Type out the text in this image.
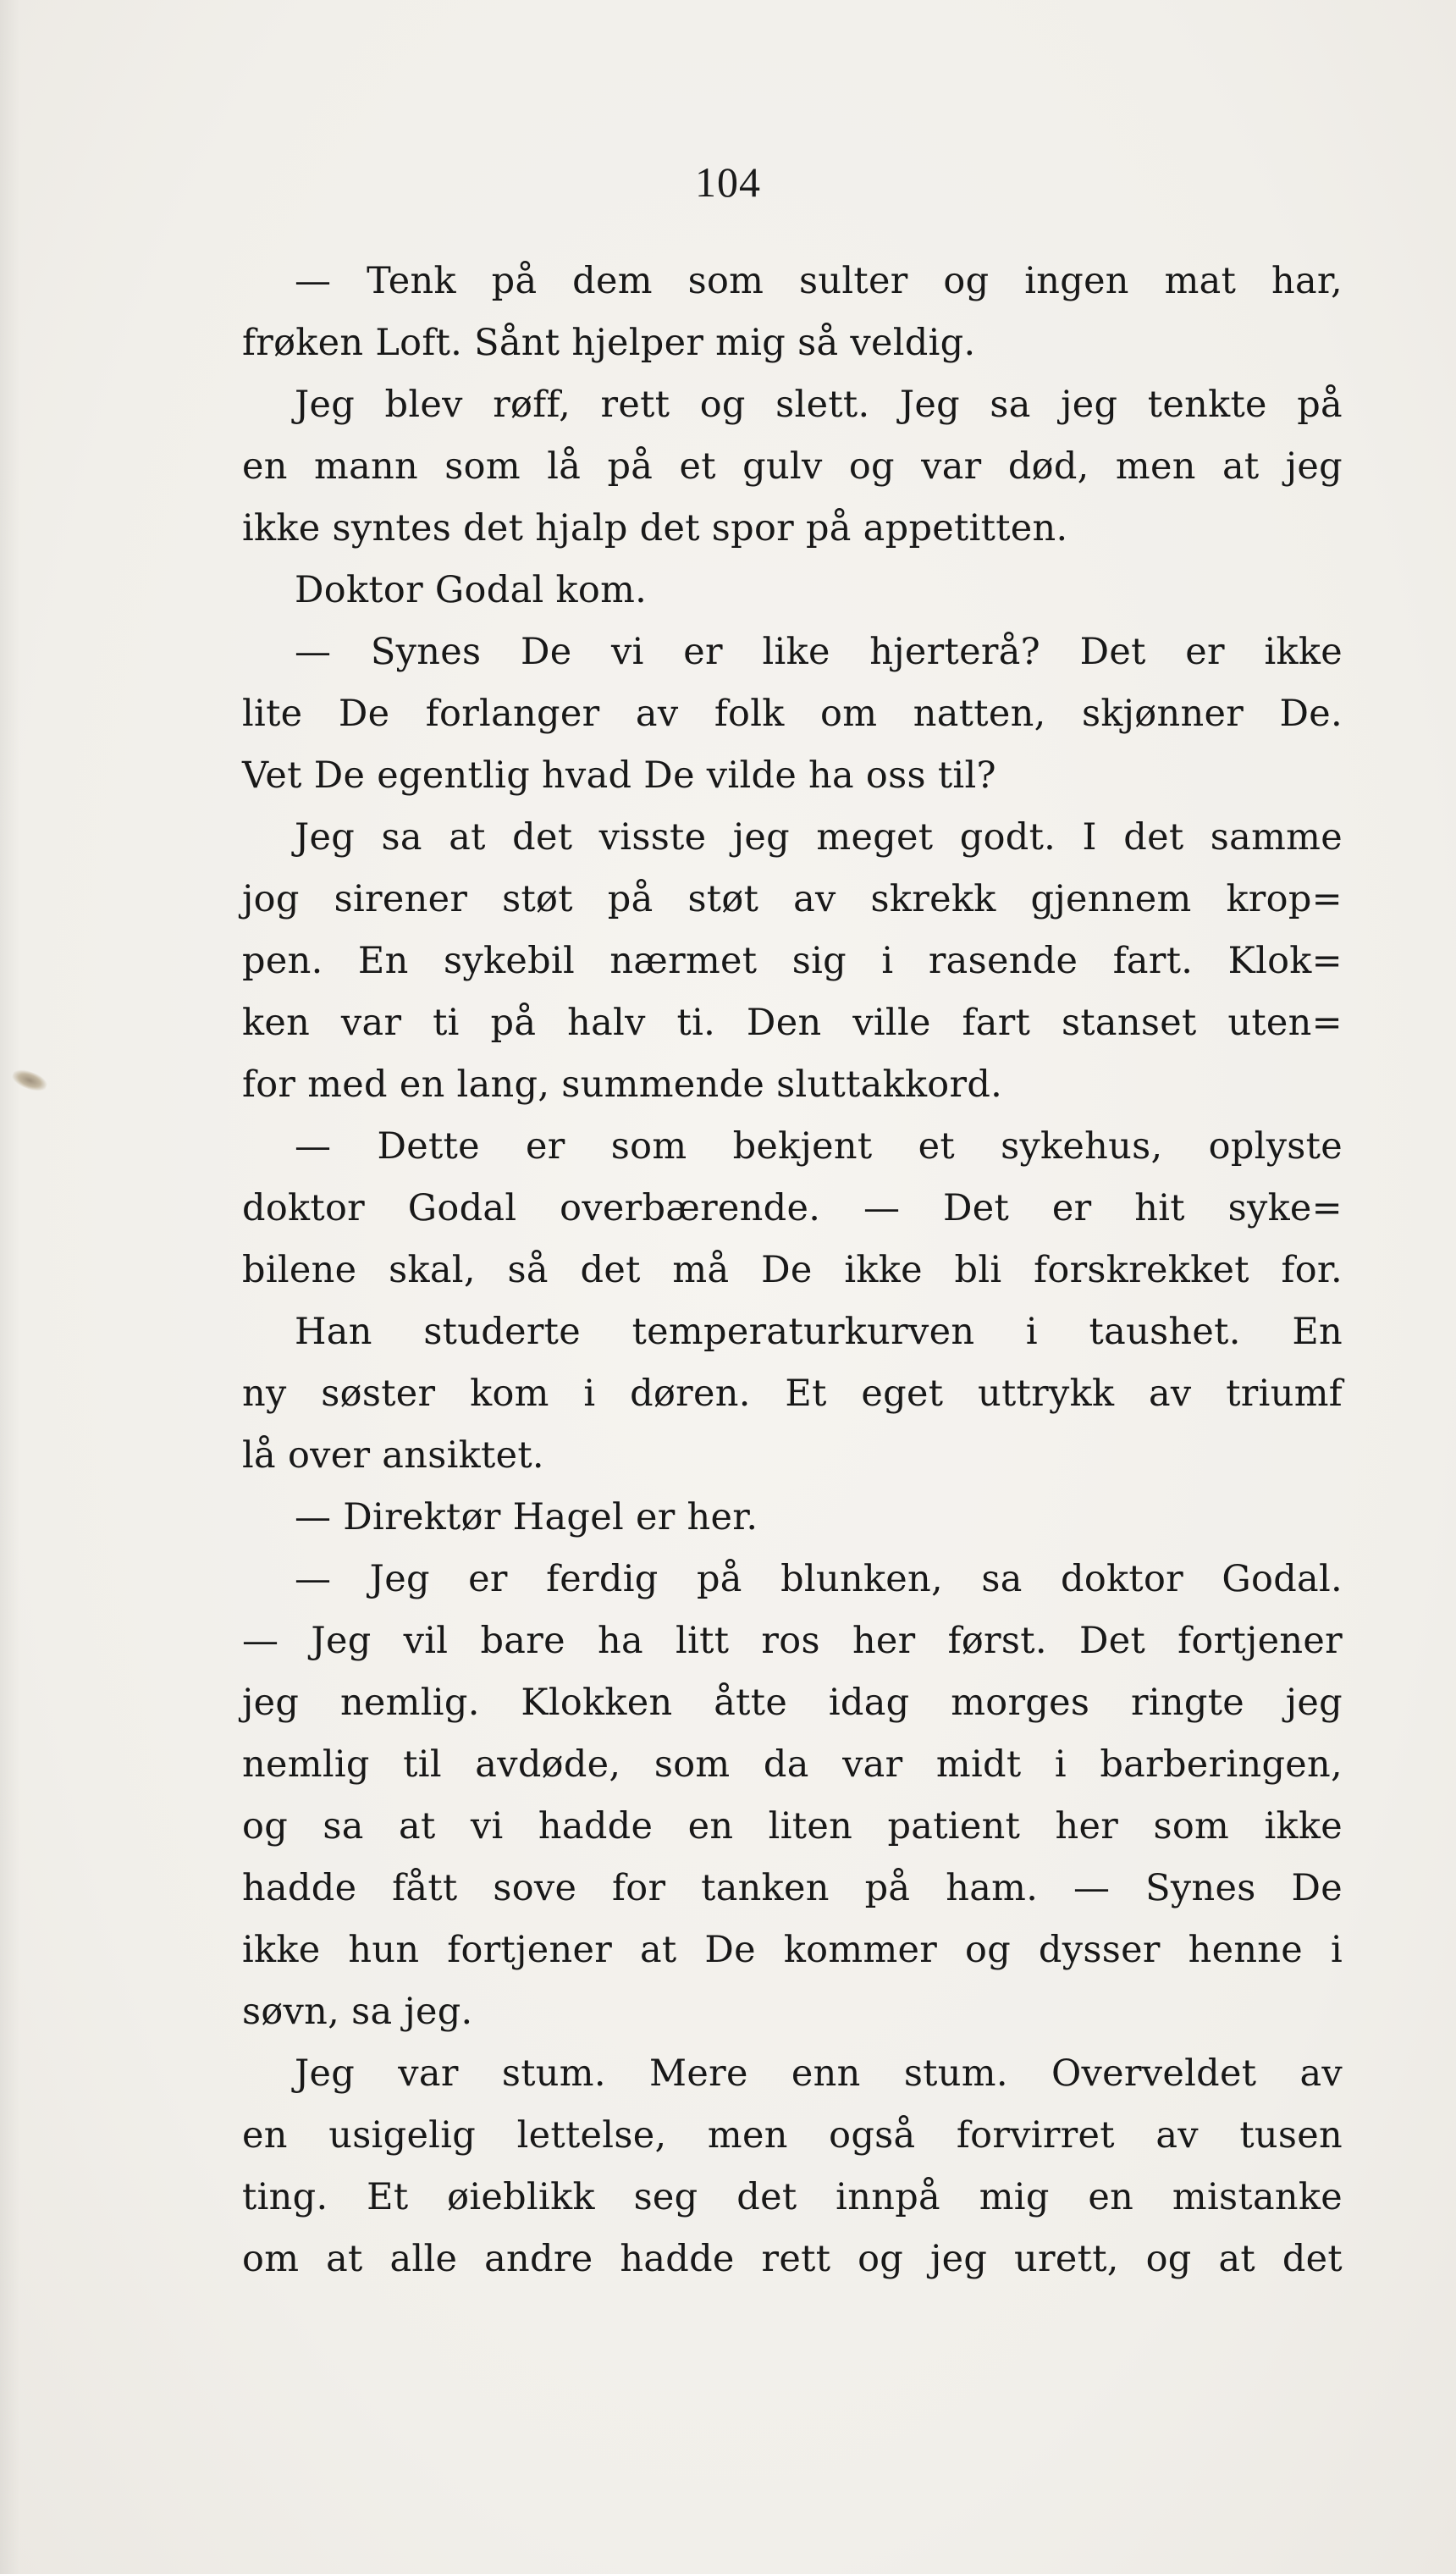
104
— Tenk på dem som sulter og ingen mat har,
frøken Loft. Sånt hjelper mig så veldig.
Jeg blev røff, rett og slett. Jeg sa jeg tenkte på
en mann som lå på et gulv og var død, men at jeg
ikke syntes det hjalp det spor på appetitten.
Doktor Godal kom.
— Synes De vi er like hjerterå? Det er ikke
lite De forlanger av folk om natten, skjønner De.
Vet De egentlig hvad De vilde ha oss til?
Jeg sa at det visste jeg meget godt. I det samme
jog sirener støt på støt av skrekk gjennem krop=
pen. En sykebil nærmet sig i rasende fart. Klok=
ken var ti på halv ti. Den ville fart stanset uten=
for med en lang, summende sluttakkord.
— Dette er som bekjent et sykehus, oplyste
doktor Godal overbærende. — Det er hit syke=
bilene skal, så det må De ikke bli forskrekket for.
Han studerte temperaturkurven i taushet. En
ny søster kom i døren. Et eget uttrykk av triumf
lå over ansiktet.
— Direktør Hagel er her.
— Jeg er ferdig på blunken, sa doktor Godal.
— Jeg vil bare ha litt ros her først. Det fortjener
jeg nemlig. Klokken åtte idag morges ringte jeg
nemlig til avdøde, som da var midt i barberingen,
og sa at vi hadde en liten patient her som ikke
hadde fått sove for tanken på ham. — Synes De
ikke hun fortjener at De kommer og dysser henne i
søvn, sa jeg.
Jeg var stum. Mere enn stum. Overveldet av
en usigelig lettelse, men også forvirret av tusen
ting. Et øieblikk seg det innpå mig en mistanke
om at alle andre hadde rett og jeg urett, og at det
